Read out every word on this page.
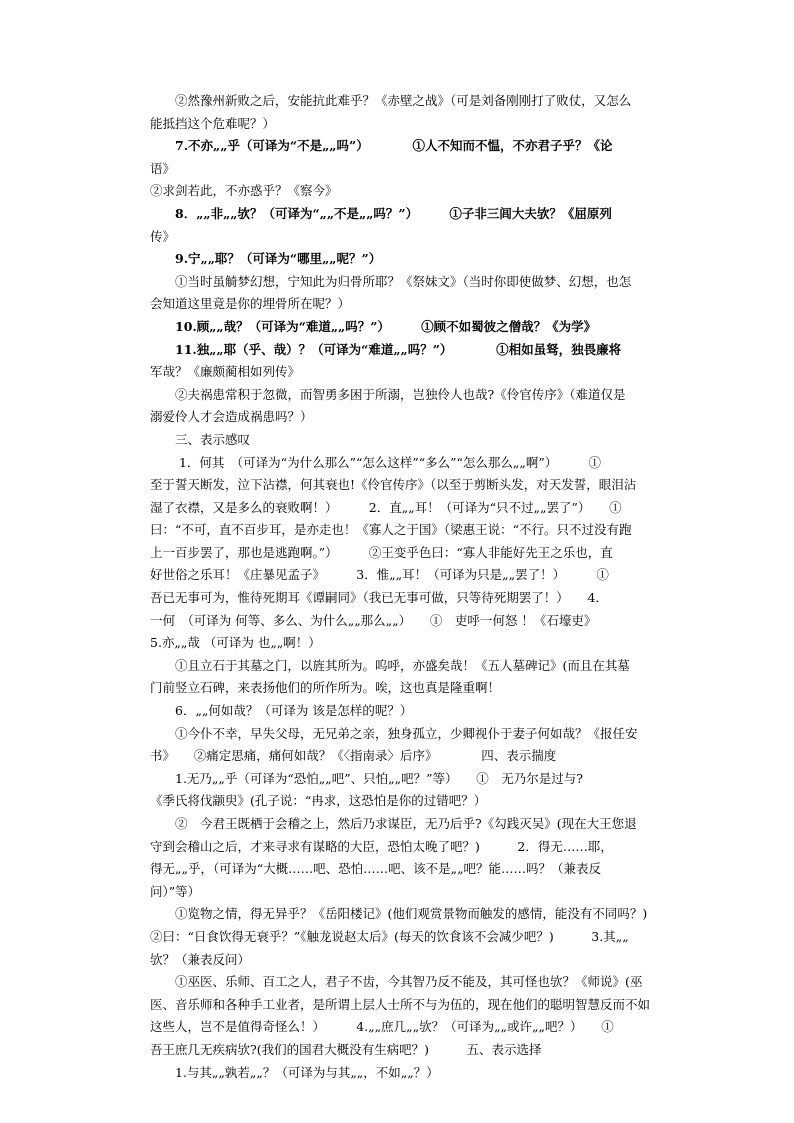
　　②然豫州新败之后，安能抗此难乎？《赤壁之战》（可是刘备刚刚打了败仗，又怎么
能抵挡这个危难呢？）
　　7.不亦„„乎（可译为“不是„„吗”）　　　　①人不知而不愠，不亦君子乎？《论
语》
②求剑若此，不亦惑乎？《察今》
　　8．„„非„„欤？（可译为“„„不是„„吗？”）　　　①子非三闾大夫欤？《屈原列
传》
　　9.宁„„耶？（可译为“哪里„„呢？”）
　　①当时虽觭梦幻想，宁知此为归骨所耶？《祭妹文》（当时你即使做梦、幻想，也怎
会知道这里竟是你的埋骨所在呢？）
　　10.顾„„哉？（可译为“难道„„吗？”）　　　①顾不如蜀彼之僧哉？《为学》
　　11.独„„耶（乎、哉）？（可译为“难道„„吗？”）　　　　①相如虽驽，独畏廉将
军哉？《廉颇蔺相如列传》
　　②夫祸患常积于忽微，而智勇多困于所溺，岂独伶人也哉?《伶官传序》（难道仅是
溺爱伶人才会造成祸患吗？）
　　三、表示感叹
　　 1．何其　（可译为“为什么那么”“怎么这样”“多么”“怎么那么„„啊”）　　　①
至于誓天断发，泣下沾襟，何其衰也!《伶官传序》（以至于剪断头发，对天发誓，眼泪沾
湿了衣襟，又是多么的衰败啊！）　　　2．直„„耳！（可译为“只不过„„罢了”）　　①
曰：“不可，直不百步耳，是亦走也！《寡人之于国》（梁惠王说：“不行。只不过没有跑
上一百步罢了，那也是逃跑啊。”）　　　②王变乎色曰：“寡人非能好先王之乐也，直
好世俗之乐耳！《庄暴见孟子》　　　3．惟„„耳！（可译为只是„„罢了！）　　　①
吾已无事可为，惟待死期耳《谭嗣同》（我已无事可做，只等待死期罢了！）　　4．
一何　（可译为 何等、多么、为什么„„那么„„）　　①　吏呼一何怒 ！《石壕吏》
5.亦„„哉 （可译为 也„„啊！）
　　①且立石于其墓之门，以旌其所为。呜呼，亦盛矣哉！《五人墓碑记》(而且在其墓
门前竖立石碑，来表扬他们的所作所为。唉，这也真是隆重啊！
　　6．„„何如哉？（可译为 该是怎样的呢？）
　　①今仆不幸，早失父母，无兄弟之亲，独身孤立，少卿视仆于妻子何如哉？《报任安
书》　　②痛定思痛，痛何如哉？《〈指南录〉后序》　　　　四、表示揣度
　　1.无乃„„乎（可译为“恐怕„„吧”、只怕„„吧？”等）　　①　无乃尔是过与?
《季氏将伐颛臾》(孔子说：“冉求，这恐怕是你的过错吧？）
　　②　今君王既栖于会稽之上，然后乃求谋臣，无乃后乎?《勾践灭吴》(现在大王您退
守到会稽山之后，才来寻求有谋略的大臣，恐怕太晚了吧？)　　　2．得无……耶，
得无„„乎，（可译为“大概……吧、恐怕……吧、该不是„„吧？能……吗？（兼表反
问）”等）
　　①览物之情，得无异乎？《岳阳楼记》(他们观赏景物而触发的感情，能没有不同吗？)
②曰：“日食饮得无衰乎？”《触龙说赵太后》(每天的饮食该不会减少吧？)　　　3.其„„
欤？（兼表反问）
　　①巫医、乐师、百工之人，君子不齿，今其智乃反不能及，其可怪也欤？《师说》(巫
医、音乐师和各种手工业者，是所谓上层人士所不与为伍的，现在他们的聪明智慧反而不如
这些人，岂不是值得奇怪么！）　　　4.„„庶几„„欤？（可译为„„或许„„吧？）　　①
吾王庶几无疾病欤?(我们的国君大概没有生病吧？)　　　五、表示选择
　　1.与其„„孰若„„？（可译为与其„„，不如„„？）
